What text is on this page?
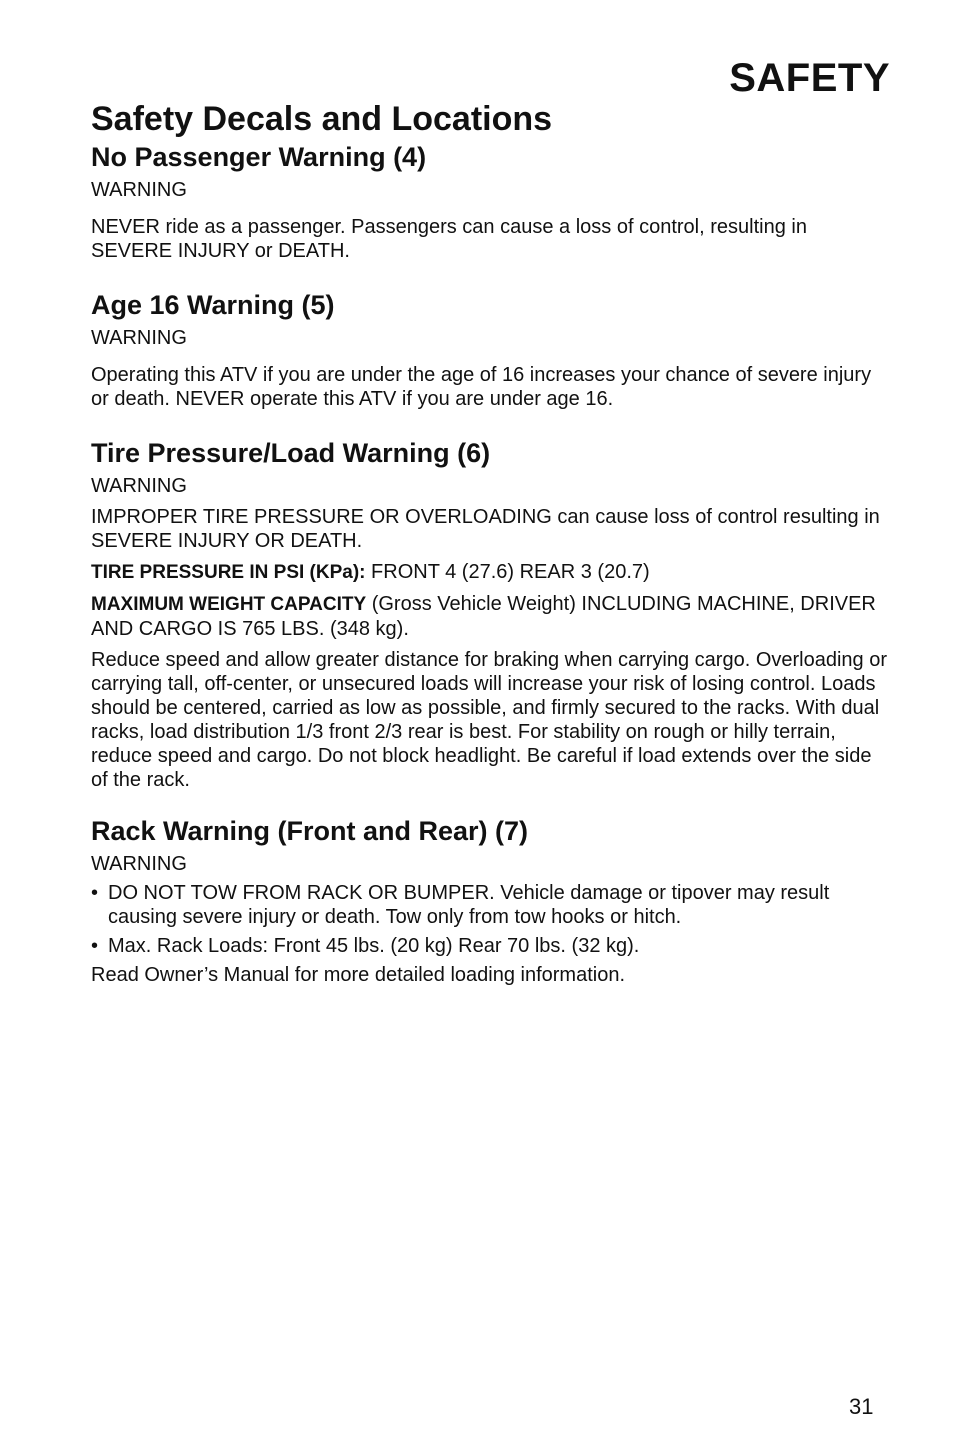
SAFETY
Safety Decals and Locations
No Passenger Warning (4)

WARNING

NEVER ride as a passenger. Passengers can cause a loss of control, resulting in SEVERE INJURY or DEATH.

Age 16 Warning (5)

WARNING

Operating this ATV if you are under the age of 16 increases your chance of severe injury or death. NEVER operate this ATV if you are under age 16.

Tire Pressure/Load Warning (6)

WARNING

IMPROPER TIRE PRESSURE OR OVERLOADING can cause loss of control resulting in SEVERE INJURY OR DEATH.

TIRE PRESSURE IN PSI (KPa): FRONT 4 (27.6) REAR 3 (20.7)

MAXIMUM WEIGHT CAPACITY (Gross Vehicle Weight) INCLUDING MACHINE, DRIVER AND CARGO IS 765 LBS. (348 kg).

Reduce speed and allow greater distance for braking when carrying cargo. Overloading or carrying tall, off-center, or unsecured loads will increase your risk of losing control. Loads should be centered, carried as low as possible, and firmly secured to the racks. With dual racks, load distribution 1/3 front 2/3 rear is best. For stability on rough or hilly terrain, reduce speed and cargo. Do not block headlight. Be careful if load extends over the side of the rack.

Rack Warning (Front and Rear) (7)

WARNING

• DO NOT TOW FROM RACK OR BUMPER. Vehicle damage or tipover may result causing severe injury or death. Tow only from tow hooks or hitch.
• Max. Rack Loads: Front 45 lbs. (20 kg) Rear 70 lbs. (32 kg).

Read Owner’s Manual for more detailed loading information.

31
